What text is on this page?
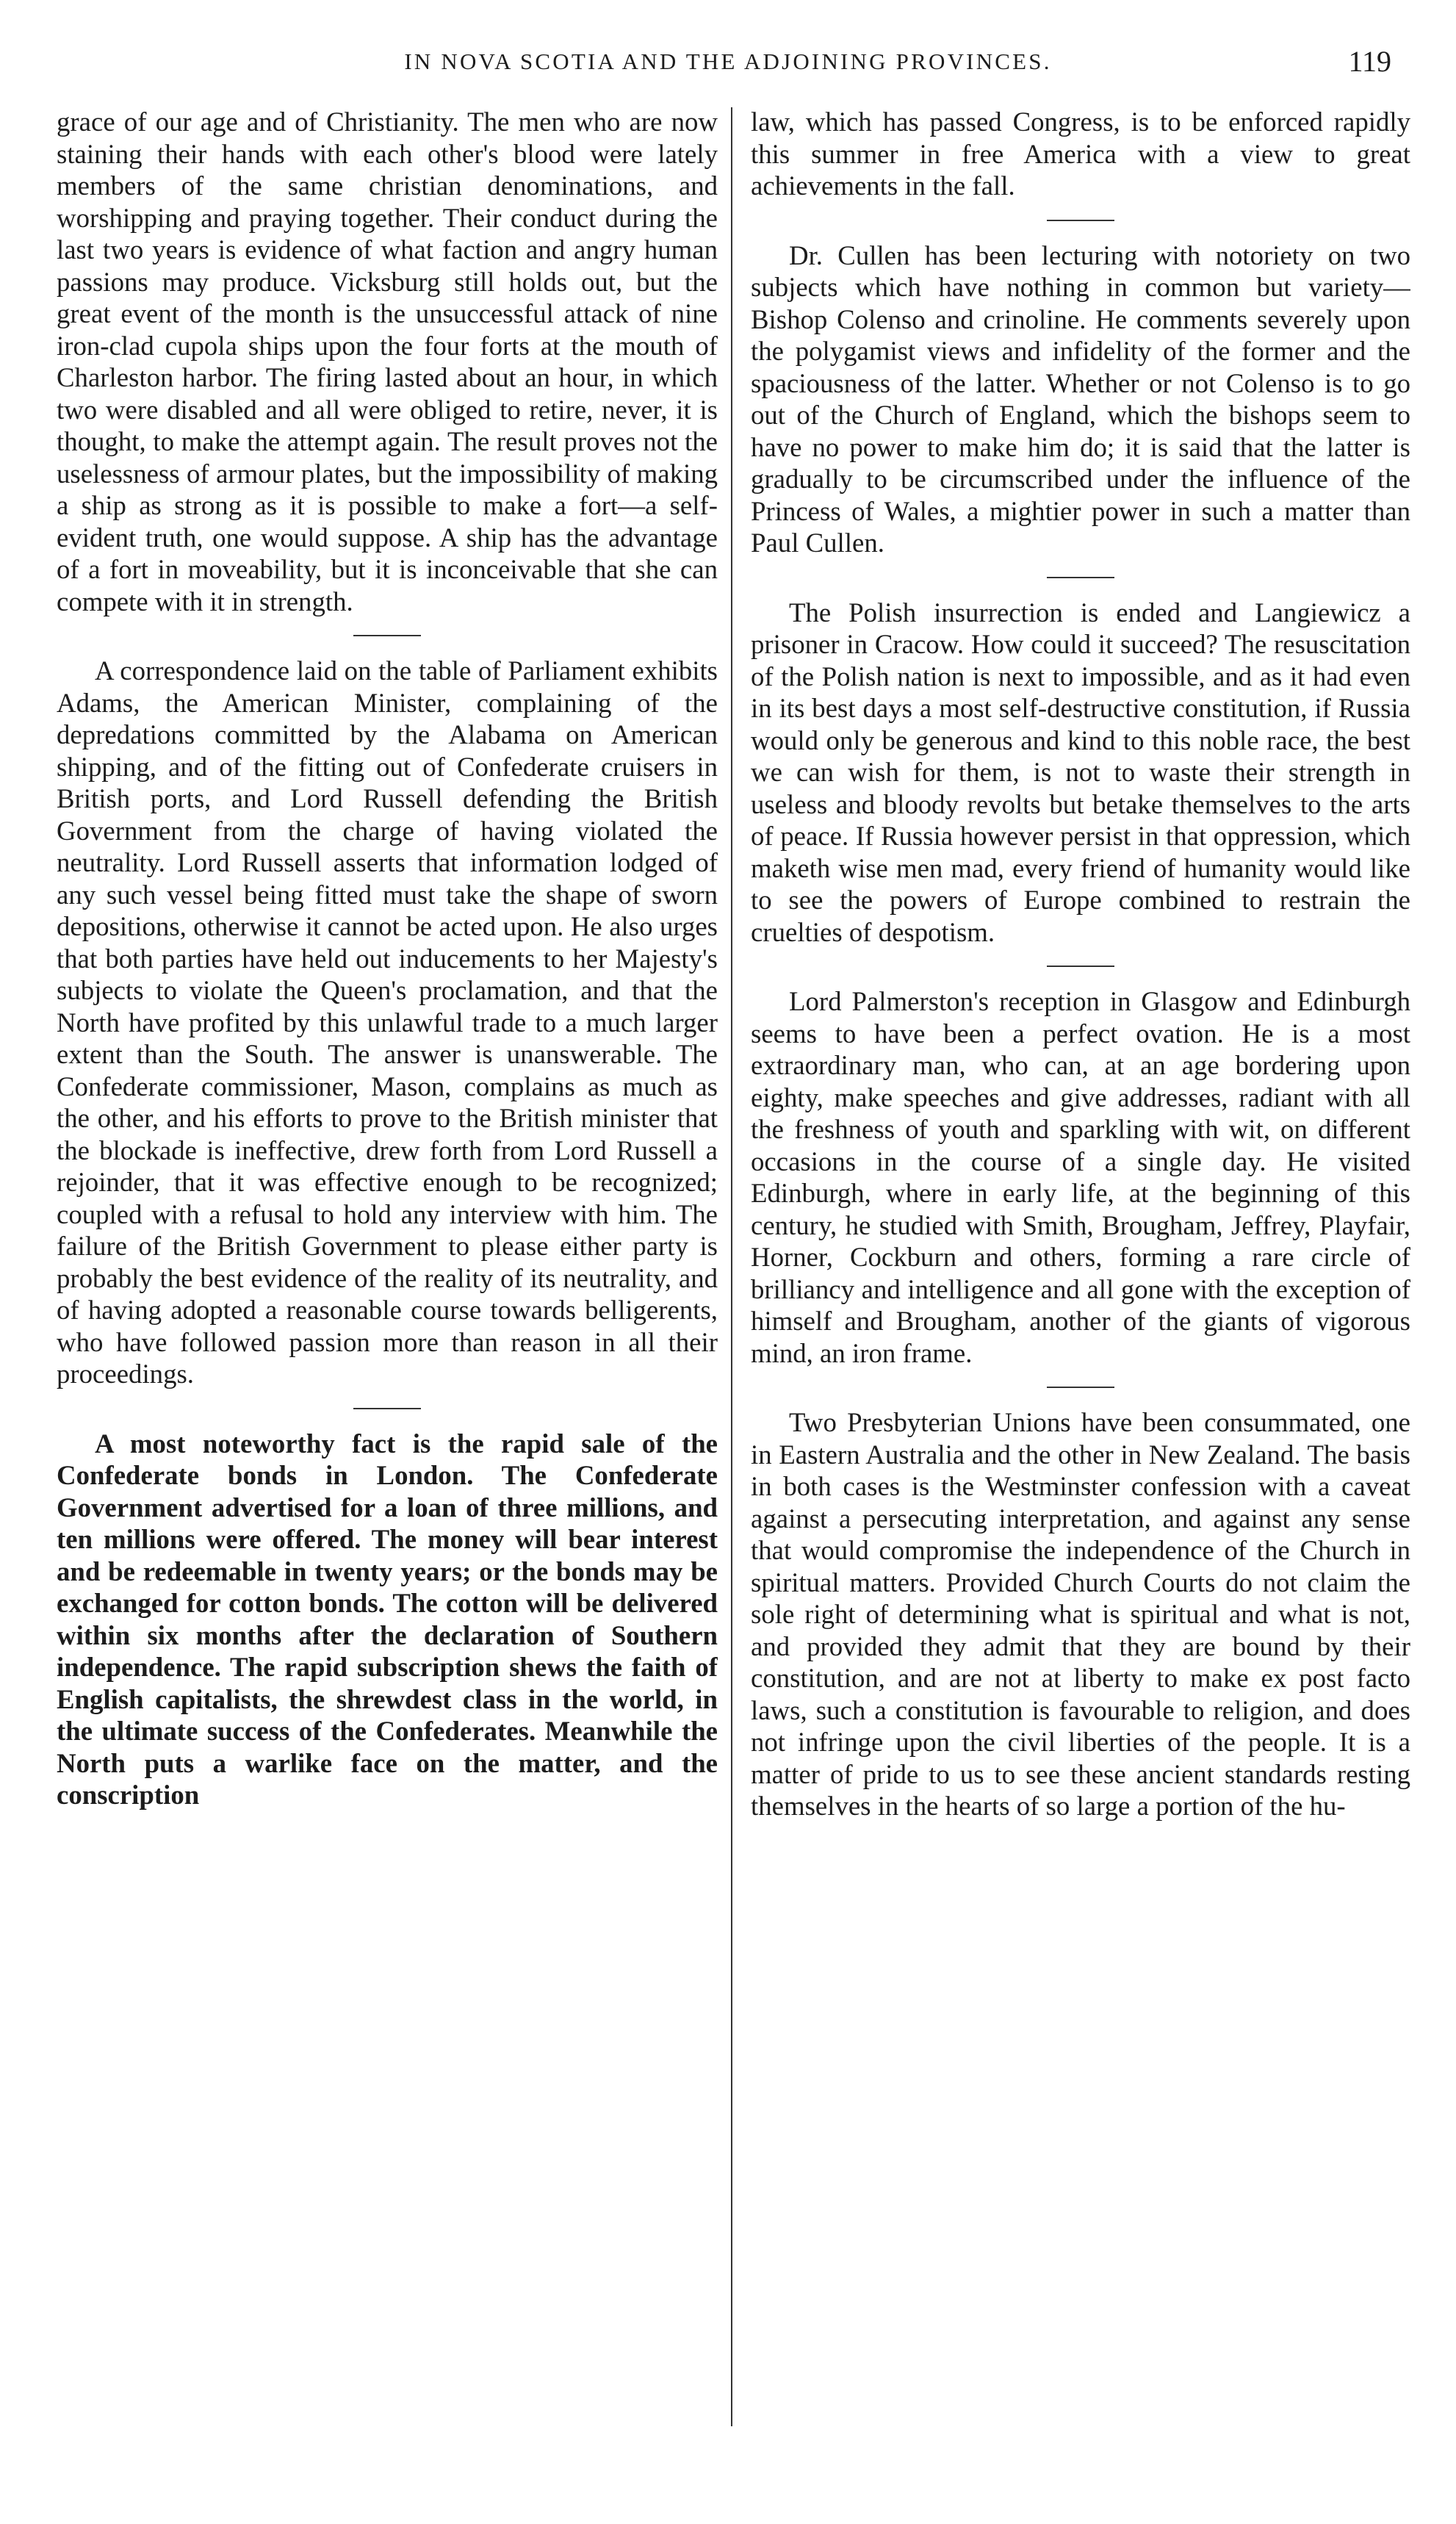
IN NOVA SCOTIA AND THE ADJOINING PROVINCES.	119

grace of our age and of Christianity. The men who are now staining their hands with each other's blood were lately members of the same christian denominations, and worshipping and praying together. Their conduct during the last two years is evidence of what faction and angry human passions may produce. Vicksburg still holds out, but the great event of the month is the unsuccessful attack of nine iron-clad cupola ships upon the four forts at the mouth of Charleston harbor. The firing lasted about an hour, in which two were disabled and all were obliged to retire, never, it is thought, to make the attempt again. The result proves not the uselessness of armour plates, but the impossibility of making a ship as strong as it is possible to make a fort—a self-evident truth, one would suppose. A ship has the advantage of a fort in moveability, but it is inconceivable that she can compete with it in strength.

A correspondence laid on the table of Parliament exhibits Adams, the American Minister, complaining of the depredations committed by the Alabama on American shipping, and of the fitting out of Confederate cruisers in British ports, and Lord Russell defending the British Government from the charge of having violated the neutrality. Lord Russell asserts that information lodged of any such vessel being fitted must take the shape of sworn depositions, otherwise it cannot be acted upon. He also urges that both parties have held out inducements to her Majesty's subjects to violate the Queen's proclamation, and that the North have profited by this unlawful trade to a much larger extent than the South. The answer is unanswerable. The Confederate commissioner, Mason, complains as much as the other, and his efforts to prove to the British minister that the blockade is ineffective, drew forth from Lord Russell a rejoinder, that it was effective enough to be recognized; coupled with a refusal to hold any interview with him. The failure of the British Government to please either party is probably the best evidence of the reality of its neutrality, and of having adopted a reasonable course towards belligerents, who have followed passion more than reason in all their proceedings.

A most noteworthy fact is the rapid sale of the Confederate bonds in London. The Confederate Government advertised for a loan of three millions, and ten millions were offered. The money will bear interest and be redeemable in twenty years; or the bonds may be exchanged for cotton bonds. The cotton will be delivered within six months after the declaration of Southern independence. The rapid subscription shews the faith of English capitalists, the shrewdest class in the world, in the ultimate success of the Confederates. Meanwhile the North puts a warlike face on the matter, and the conscription

law, which has passed Congress, is to be enforced rapidly this summer in free America with a view to great achievements in the fall.

Dr. Cullen has been lecturing with notoriety on two subjects which have nothing in common but variety—Bishop Colenso and crinoline. He comments severely upon the polygamist views and infidelity of the former and the spaciousness of the latter. Whether or not Colenso is to go out of the Church of England, which the bishops seem to have no power to make him do; it is said that the latter is gradually to be circumscribed under the influence of the Princess of Wales, a mightier power in such a matter than Paul Cullen.

The Polish insurrection is ended and Langiewicz a prisoner in Cracow. How could it succeed? The resuscitation of the Polish nation is next to impossible, and as it had even in its best days a most self-destructive constitution, if Russia would only be generous and kind to this noble race, the best we can wish for them, is not to waste their strength in useless and bloody revolts but betake themselves to the arts of peace. If Russia however persist in that oppression, which maketh wise men mad, every friend of humanity would like to see the powers of Europe combined to restrain the cruelties of despotism.

Lord Palmerston's reception in Glasgow and Edinburgh seems to have been a perfect ovation. He is a most extraordinary man, who can, at an age bordering upon eighty, make speeches and give addresses, radiant with all the freshness of youth and sparkling with wit, on different occasions in the course of a single day. He visited Edinburgh, where in early life, at the beginning of this century, he studied with Smith, Brougham, Jeffrey, Playfair, Horner, Cockburn and others, forming a rare circle of brilliancy and intelligence and all gone with the exception of himself and Brougham, another of the giants of vigorous mind, an iron frame.

Two Presbyterian Unions have been consummated, one in Eastern Australia and the other in New Zealand. The basis in both cases is the Westminster confession with a caveat against a persecuting interpretation, and against any sense that would compromise the independence of the Church in spiritual matters. Provided Church Courts do not claim the sole right of determining what is spiritual and what is not, and provided they admit that they are bound by their constitution, and are not at liberty to make ex post facto laws, such a constitution is favourable to religion, and does not infringe upon the civil liberties of the people. It is a matter of pride to us to see these ancient standards resting themselves in the hearts of so large a portion of the hu-
